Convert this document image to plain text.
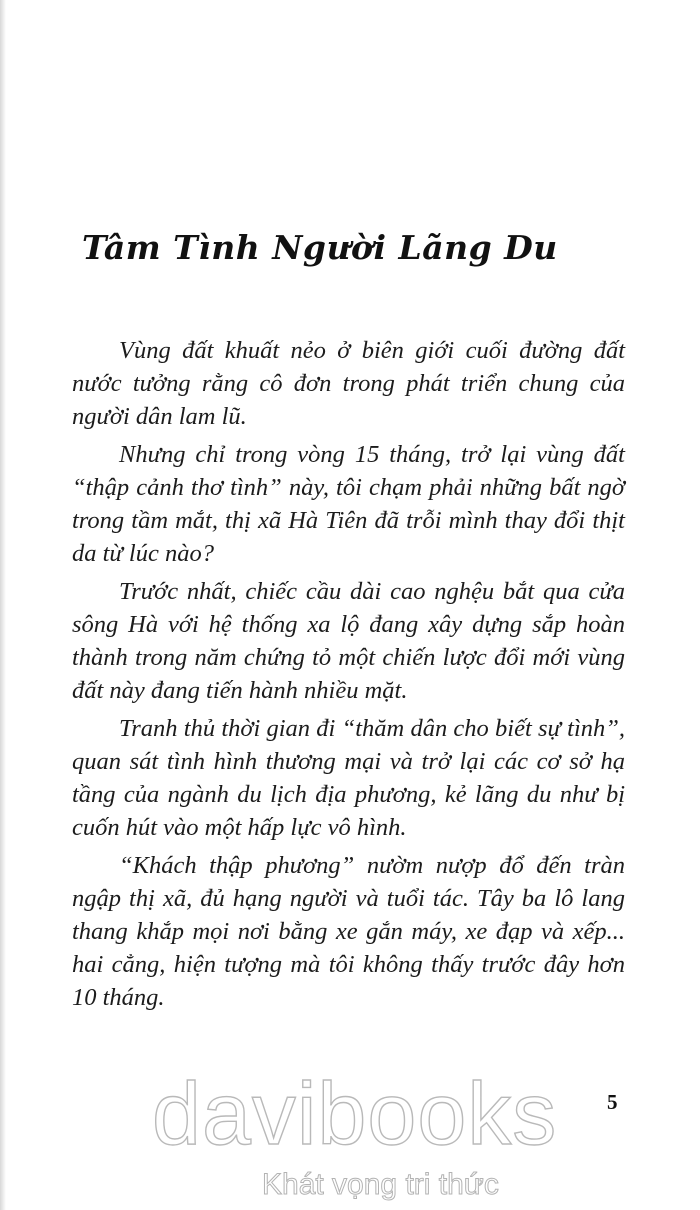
Tâm Tình Người Lãng Du

Vùng đất khuất nẻo ở biên giới cuối đường đất nước tưởng rằng cô đơn trong phát triển chung của người dân lam lũ.

Nhưng chỉ trong vòng 15 tháng, trở lại vùng đất “thập cảnh thơ tình” này, tôi chạm phải những bất ngờ trong tầm mắt, thị xã Hà Tiên đã trỗi mình thay đổi thịt da từ lúc nào?

Trước nhất, chiếc cầu dài cao nghệu bắt qua cửa sông Hà với hệ thống xa lộ đang xây dựng sắp hoàn thành trong năm chứng tỏ một chiến lược đổi mới vùng đất này đang tiến hành nhiều mặt.

Tranh thủ thời gian đi “thăm dân cho biết sự tình”, quan sát tình hình thương mại và trở lại các cơ sở hạ tầng của ngành du lịch địa phương, kẻ lãng du như bị cuốn hút vào một hấp lực vô hình.

“Khách thập phương” nườm nượp đổ đến tràn ngập thị xã, đủ hạng người và tuổi tác. Tây ba lô lang thang khắp mọi nơi bằng xe gắn máy, xe đạp và xếp... hai cẳng, hiện tượng mà tôi không thấy trước đây hơn 10 tháng.

davibooks
Khát vọng tri thức
5
